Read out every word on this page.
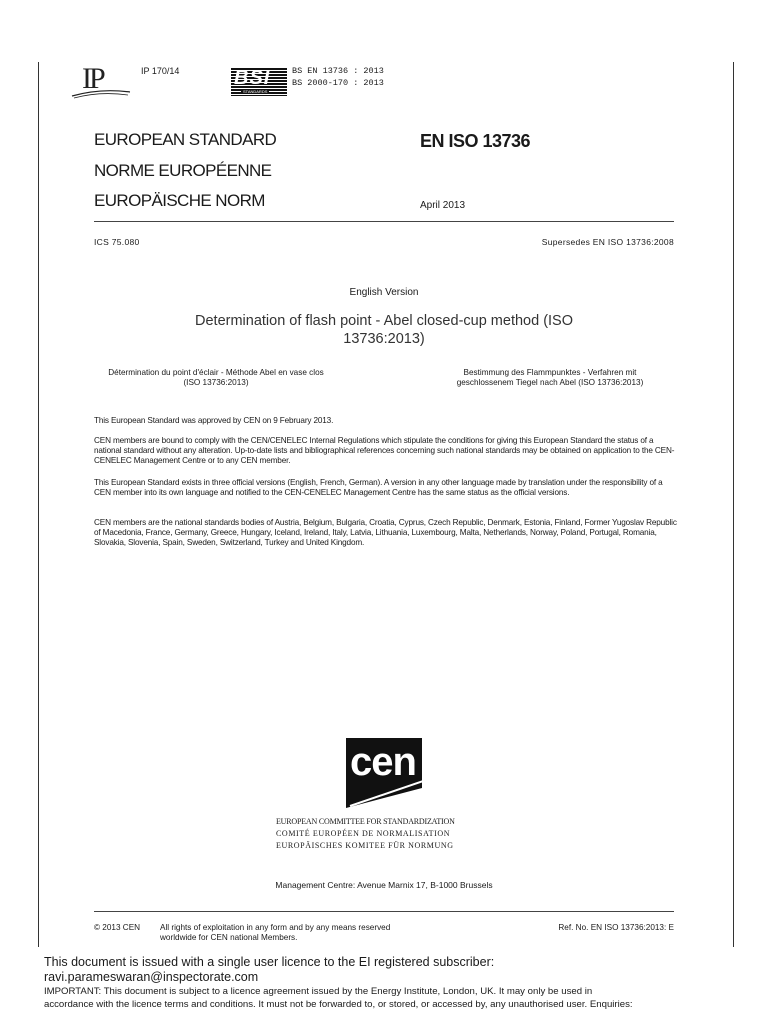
IP	IP 170/14	BSI
STANDARDS
BS EN 13736 : 2013
BS 2000-170 : 2013
EUROPEAN STANDARD
NORME EUROPÉENNE
EUROPÄISCHE NORM
EN ISO 13736
April 2013
ICS 75.080	Supersedes EN ISO 13736:2008
English Version
Determination of flash point - Abel closed-cup method (ISO
13736:2013)
Détermination du point d'éclair - Méthode Abel en vase clos
(ISO 13736:2013)
Bestimmung des Flammpunktes - Verfahren mit
geschlossenem Tiegel nach Abel (ISO 13736:2013)
This European Standard was approved by CEN on 9 February 2013.
CEN members are bound to comply with the CEN/CENELEC Internal Regulations which stipulate the conditions for giving this European Standard the status of a national standard without any alteration. Up-to-date lists and bibliographical references concerning such national standards may be obtained on application to the CEN-CENELEC Management Centre or to any CEN member.
This European Standard exists in three official versions (English, French, German). A version in any other language made by translation under the responsibility of a CEN member into its own language and notified to the CEN-CENELEC Management Centre has the same status as the official versions.
CEN members are the national standards bodies of Austria, Belgium, Bulgaria, Croatia, Cyprus, Czech Republic, Denmark, Estonia, Finland, Former Yugoslav Republic of Macedonia, France, Germany, Greece, Hungary, Iceland, Ireland, Italy, Latvia, Lithuania, Luxembourg, Malta, Netherlands, Norway, Poland, Portugal, Romania, Slovakia, Slovenia, Spain, Sweden, Switzerland, Turkey and United Kingdom.
cen
EUROPEAN COMMITTEE FOR STANDARDIZATION
COMITÉ EUROPÉEN DE NORMALISATION
EUROPÄISCHES KOMITEE FÜR NORMUNG
Management Centre: Avenue Marnix 17, B-1000 Brussels
© 2013 CEN All rights of exploitation in any form and by any means reserved
worldwide for CEN national Members.
Ref. No. EN ISO 13736:2013: E
This document is issued with a single user licence to the EI registered subscriber:
ravi.parameswaran@inspectorate.com
IMPORTANT: This document is subject to a licence agreement issued by the Energy Institute, London, UK. It may only be used in
accordance with the licence terms and conditions. It must not be forwarded to, or stored, or accessed by, any unauthorised user. Enquiries:
